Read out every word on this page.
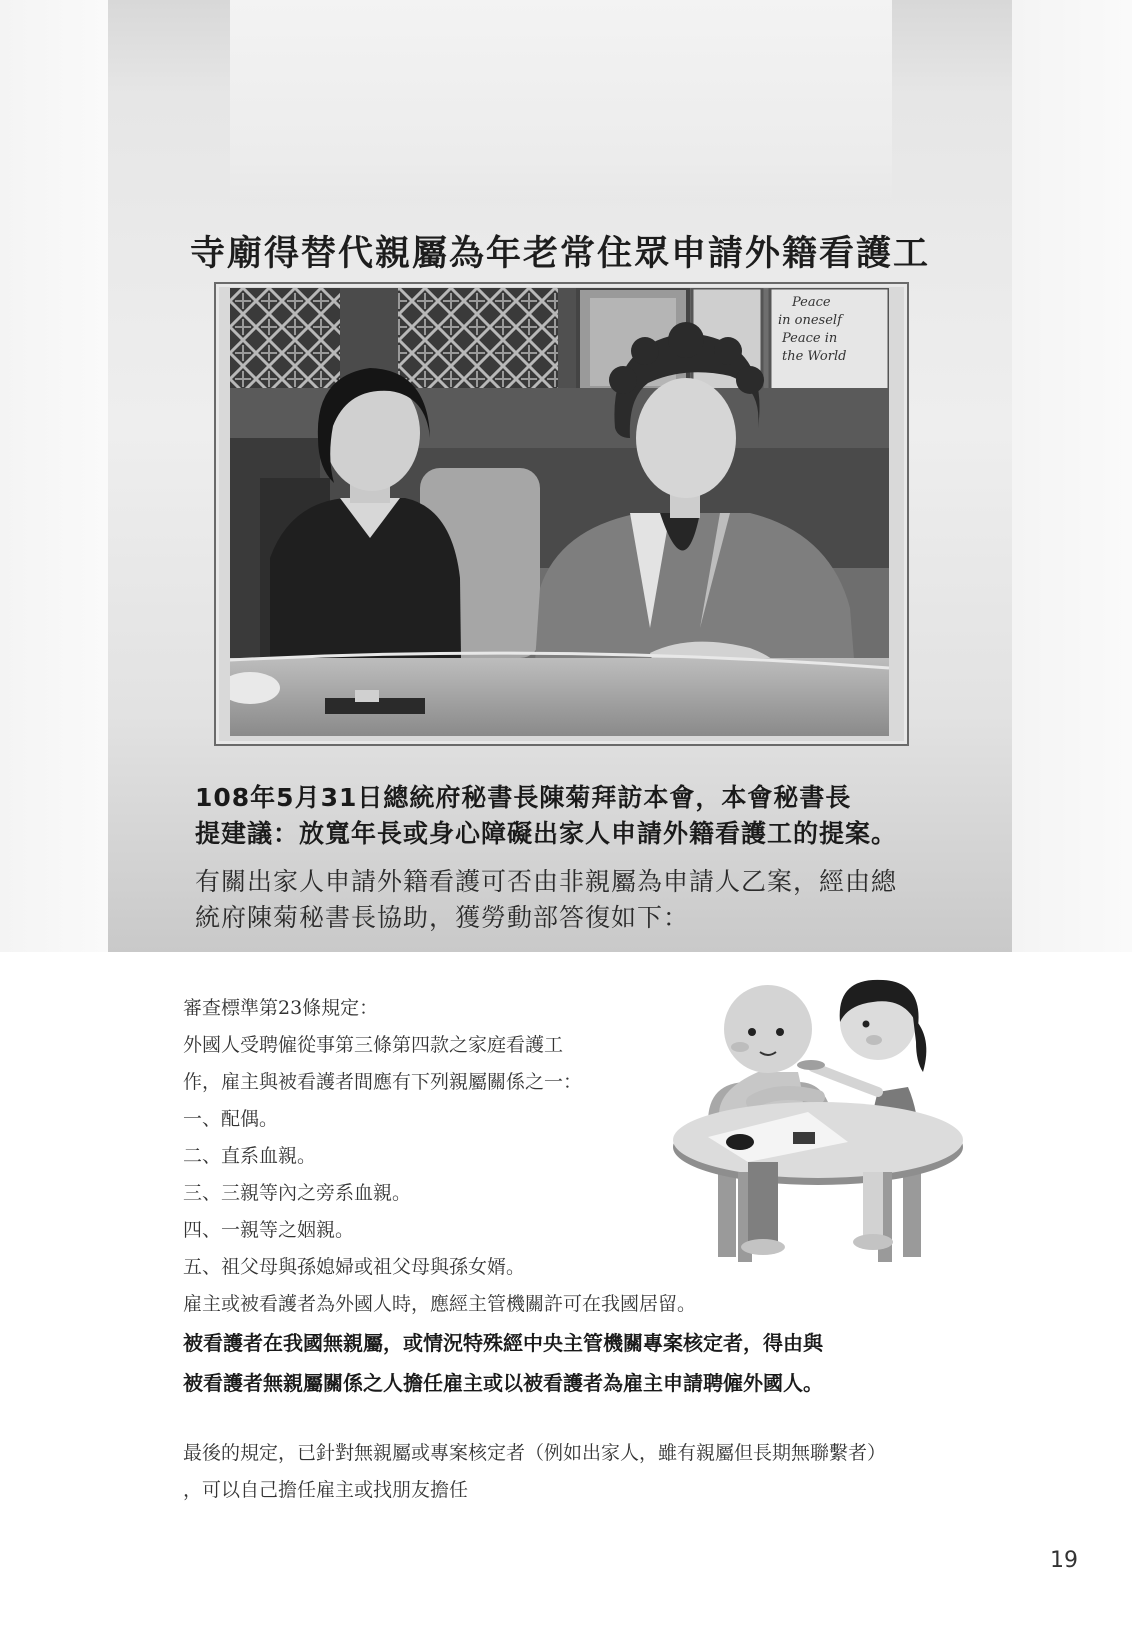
寺廟得替代親屬為年老常住眾申請外籍看護工
Peace
in oneself
Peace in
the World
108年5月31日總統府秘書長陳菊拜訪本會，本會秘書長
提建議：放寬年長或身心障礙出家人申請外籍看護工的提案。
有關出家人申請外籍看護可否由非親屬為申請人乙案，經由總
統府陳菊秘書長協助，獲勞動部答復如下：
審查標準第23條規定：
外國人受聘僱從事第三條第四款之家庭看護工
作，雇主與被看護者間應有下列親屬關係之一：
一、配偶。
二、直系血親。
三、三親等內之旁系血親。
四、一親等之姻親。
五、祖父母與孫媳婦或祖父母與孫女婿。
雇主或被看護者為外國人時，應經主管機關許可在我國居留。
被看護者在我國無親屬，或情況特殊經中央主管機關專案核定者，得由與
被看護者無親屬關係之人擔任雇主或以被看護者為雇主申請聘僱外國人。
最後的規定，已針對無親屬或專案核定者（例如出家人，雖有親屬但長期無聯繫者）
，可以自己擔任雇主或找朋友擔任
19
